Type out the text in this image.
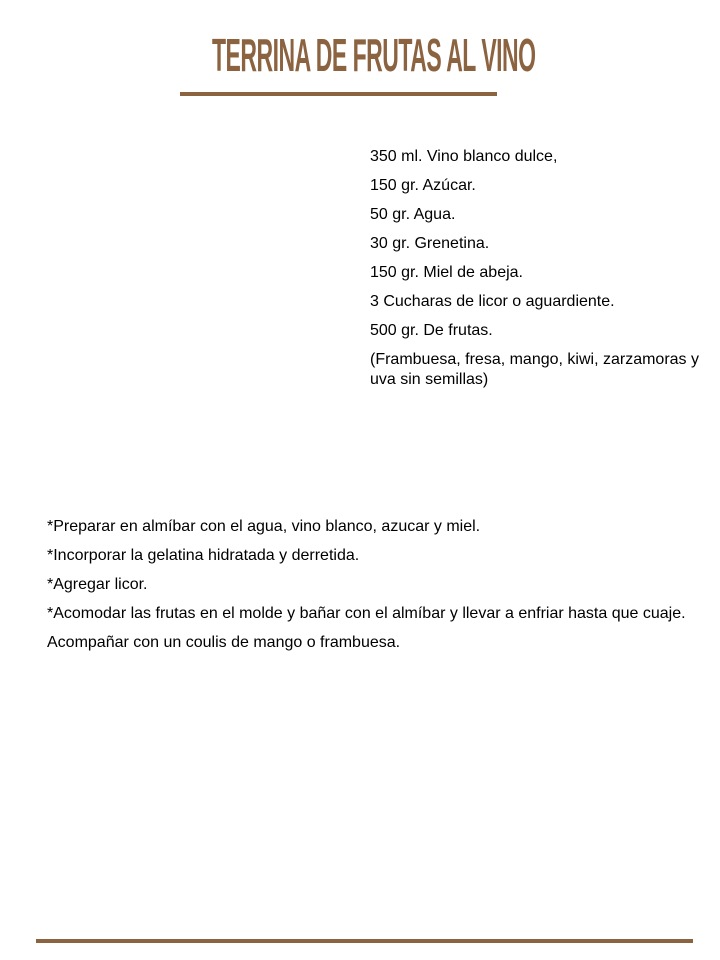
TERRINA DE FRUTAS AL VINO
350 ml. Vino blanco dulce,
150 gr. Azúcar.
50 gr. Agua.
30 gr. Grenetina.
150 gr. Miel de abeja.
3 Cucharas de licor o aguardiente.
500 gr. De frutas.
(Frambuesa, fresa, mango, kiwi, zarzamoras y uva sin semillas)
*Preparar en almíbar con el agua, vino blanco, azucar y miel.
*Incorporar la gelatina hidratada y derretida.
*Agregar licor.
*Acomodar las frutas en el molde y bañar con el almíbar y llevar a enfriar hasta que cuaje.
Acompañar con un coulis de mango o frambuesa.
